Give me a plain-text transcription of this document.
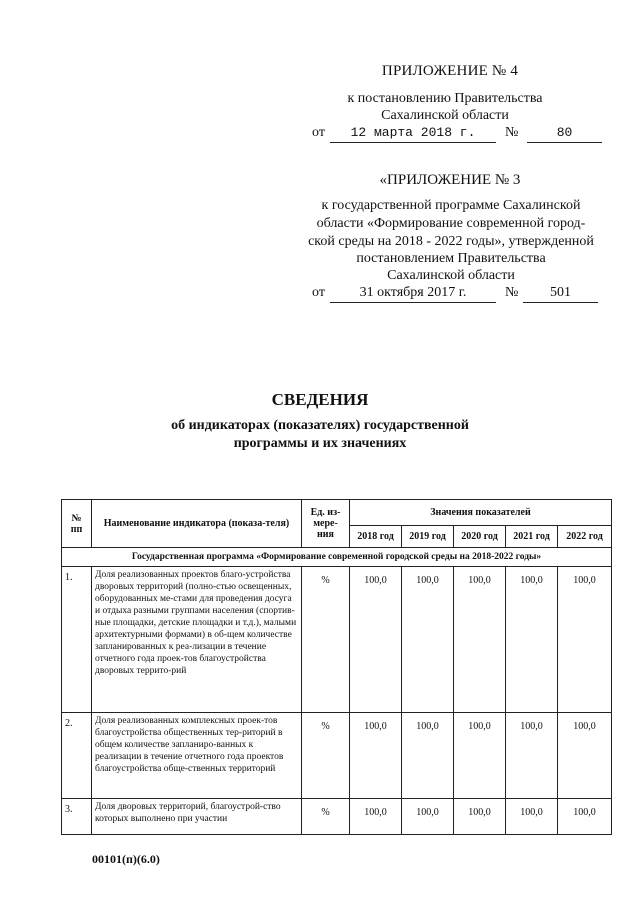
ПРИЛОЖЕНИЕ № 4
к постановлению Правительства
Сахалинской области
от	12 марта 2018 г.	№	80
«ПРИЛОЖЕНИЕ № 3
к государственной программе Сахалинской
области «Формирование современной город-
ской среды на 2018 - 2022 годы», утвержденной
постановлением Правительства
Сахалинской области
от	31 октября 2017 г.	№	501
СВЕДЕНИЯ
об индикаторах (показателях) государственной
программы и их значениях
№ пп	Наименование индикатора (показа-теля)	Ед. из-мере-ния	Значения показателей				
			2018 год	2019 год	2020 год	2021 год	2022 год
Государственная программа «Формирование современной городской среды на 2018-2022 годы»							
1.	Доля реализованных проектов благо-устройства дворовых территорий (полно-стью освещенных, оборудованных ме-стами для проведения досуга и отдыха разными группами населения (спортив-ные площадки, детские площадки и т.д.), малыми архитектурными формами) в об-щем количестве запланированных к реа-лизации в течение отчетного года проек-тов благоустройства дворовых террито-рий	%	100,0	100,0	100,0	100,0	100,0
2.	Доля реализованных комплексных проек-тов благоустройства общественных тер-риторий в общем количестве запланиро-ванных к реализации в течение отчетного года проектов благоустройства обще-ственных территорий	%	100,0	100,0	100,0	100,0	100,0
3.	Доля дворовых территорий, благоустрой-ство которых выполнено при участии	%	100,0	100,0	100,0	100,0	100,0
00101(п)(6.0)
